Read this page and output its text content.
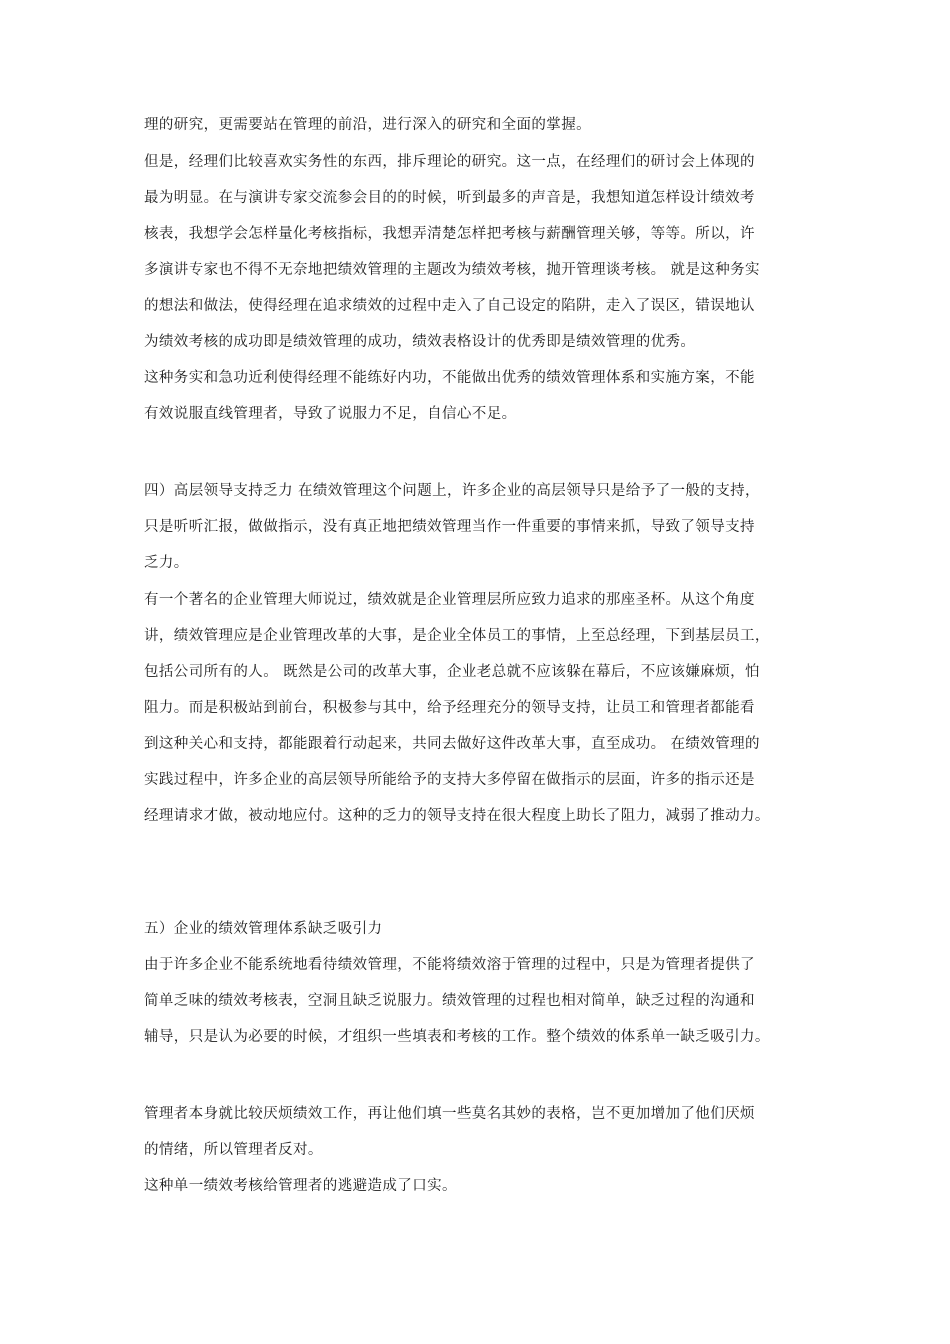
理的研究，更需要站在管理的前沿，进行深入的研究和全面的掌握。
但是，经理们比较喜欢实务性的东西，排斥理论的研究。这一点，在经理们的研讨会上体现的
最为明显。在与演讲专家交流参会目的的时候，听到最多的声音是，我想知道怎样设计绩效考
核表，我想学会怎样量化考核指标，我想弄清楚怎样把考核与薪酬管理关够，等等。所以，许
多演讲专家也不得不无奈地把绩效管理的主题改为绩效考核，抛开管理谈考核。 就是这种务实
的想法和做法，使得经理在追求绩效的过程中走入了自己设定的陷阱，走入了误区，错误地认
为绩效考核的成功即是绩效管理的成功，绩效表格设计的优秀即是绩效管理的优秀。
这种务实和急功近利使得经理不能练好内功，不能做出优秀的绩效管理体系和实施方案，不能
有效说服直线管理者，导致了说服力不足，自信心不足。
四）高层领导支持乏力 在绩效管理这个问题上，许多企业的高层领导只是给予了一般的支持，
只是听听汇报，做做指示，没有真正地把绩效管理当作一件重要的事情来抓，导致了领导支持
乏力。
有一个著名的企业管理大师说过，绩效就是企业管理层所应致力追求的那座圣杯。从这个角度
讲，绩效管理应是企业管理改革的大事，是企业全体员工的事情，上至总经理，下到基层员工，
包括公司所有的人。 既然是公司的改革大事，企业老总就不应该躲在幕后，不应该嫌麻烦，怕
阻力。而是积极站到前台，积极参与其中，给予经理充分的领导支持，让员工和管理者都能看
到这种关心和支持，都能跟着行动起来，共同去做好这件改革大事，直至成功。 在绩效管理的
实践过程中，许多企业的高层领导所能给予的支持大多停留在做指示的层面，许多的指示还是
经理请求才做，被动地应付。这种的乏力的领导支持在很大程度上助长了阻力，减弱了推动力。
五）企业的绩效管理体系缺乏吸引力
由于许多企业不能系统地看待绩效管理，不能将绩效溶于管理的过程中，只是为管理者提供了
简单乏味的绩效考核表，空洞且缺乏说服力。绩效管理的过程也相对简单，缺乏过程的沟通和
辅导，只是认为必要的时候，才组织一些填表和考核的工作。整个绩效的体系单一缺乏吸引力。
管理者本身就比较厌烦绩效工作，再让他们填一些莫名其妙的表格，岂不更加增加了他们厌烦
的情绪，所以管理者反对。
这种单一绩效考核给管理者的逃避造成了口实。
